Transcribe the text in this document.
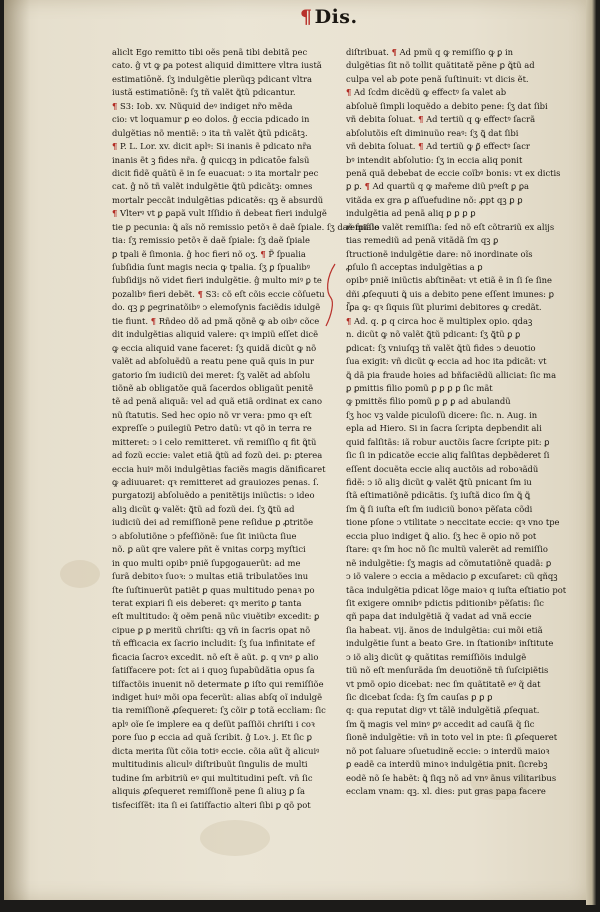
¶ Dis.
aliclt Ego remitto tibi oẽs penã tibi debitã pec
cato. ĝ vt ꝙ ꝑa potest aliquid dimittere vltra iustã
estimatiōnẽ. ſʒ indulgẽtie plerũqꝫ pdicant vltra
iustã estimatiōnẽ: ſʒ tñ valẽt ꝗ̃tũ pdicantur.
¶ S3: Iob. xv. Nũquid deꝰ indiget nr̃o mẽda
cio: vt loquamur ꝑ eo dolos. ĝ eccia pdicado in
dulgẽtias nõ mentiẽ: ↄ ita tñ valẽt ꝗ̃tũ pdicãtꝫ.
¶ P. L. Lor. xv. dicit aplꝰ: Si inanis ẽ pdicato nr̃a
inanis ẽt ꝫ fides nr̃a. ĝ quicqꝫ in pdicatōe falsũ
dicit fidẽ quãtũ ẽ in ſe euacuat: ↄ ita mortalr pec
cat. ĝ nõ tñ valẽt indulgẽtie ꝗ̃tũ pdicãtꝫ: omnes
mortalr peccãt indulgẽtias pdicatẽs: qꝫ ẽ absurdũ
¶ Vlterꝰ vt ꝑ ꝑapã vult Iſſidio ñ debeat fieri indulgẽ
tie ꝑ pecunia: ꝗ̃ aĩs nõ remissio petõꝛ ẽ daẽ ſpiale. ſʒ daẽ ſpiale
tia: ſʒ remissio petõꝛ ẽ daẽ ſpiale: ſʒ daẽ ſpiale
ꝑ tpali ẽ ſimonia. ĝ hoc fieri nõ oʒ. ¶ P̃ ſpualia
ſubſidia ſunt magis necia ꝙ tpalia. ſʒ ꝑ ſpualibꝰ
ſubſidijs nõ videt fieri indulgẽtie. ĝ multo miꝰ ꝑ te
pozalibꝰ fieri debẽt. ¶ S3: cõ eſt cõis eccie cõſuetu
do. qꝫ ꝑ ꝑegrinatõibꝰ ↄ elemoſynis faciẽdis idulgẽ
tie fiunt. ¶ Rñdeo dõ ad pmã qõnẽ ꝙ ab oibꝰ cõce
dit indulgẽtias aliquid valere: qꝛ impiũ eſſet dicẽ
ꝙ eccia aliquid vane faceret: ſʒ quidã dicũt ꝙ nõ
valẽt ad abſoluẽdũ a reatu pene quã quis in pur
gatorio ſm iudiciũ dei meret: ſʒ valẽt ad abſolu
tiõnẽ ab obligatõe quã ſacerdos obligaũt penitẽ
tẽ ad penã aliquã: vel ad quã etiã ordinat ex cano
nũ ſtatutis. Sed hec opio nõ vr vera: pmo qꝛ eſt
expreſſe ↄ ꝑuilegiũ Petro datũ: vt qõ in terra re
mitteret: ↄ i celo remitteret. vñ remiſſio q fit ꝗ̃tũ
ad fozũ eccie: valet etiã ꝗ̃tũ ad fozũ dei. ꝑ: ꝑterea
eccia huiꝰ mõi indulgẽtias faciẽs magis dãnificaret
ꝙ adiuuaret: qꝛ remitteret ad grauiozes penas. ſ.
purgatozij abſoluẽdo a penitẽtijs iniũctis: ↄ ideo
aliꝫ dicũt ꝙ valẽt: ꝗ̃tũ ad fozũ dei. ſʒ ꝗ̃tũ ad
iudiciũ dei ad remiſſionẽ pene reſidue ꝑ ꝓtritõe
ↄ abſolutiõne ↄ pfeſſiõnẽ: ſue ſit iniũcta ſiue
nõ. ꝑ aũt qre valere pñt ẽ vnitas corpꝫ myſtici
in quo multi opibꝰ pniẽ ſupgogauerũt: ad me
ſurã debitoꝛ ſuoꝛ: ↄ multas etiã tribulatões inu
ſte ſuſtinuerũt patiẽt ꝑ quas multitudo penaꝛ po
terat expiari ſi eis deberet: qꝛ merito ꝑ tanta
eſt multitudo: q̃ oẽm penã nũc viuẽtibꝰ excedit: ꝑ
cipue ꝑ ꝑ meritũ chriſti: qꝫ vñ in ſacris opat nõ
tñ efficacia ex ſacrio includit: ſʒ ſua infinitate ef
ficacia ſacroꝛ excedit. nõ eſt ẽ aũt. ꝑ. q vnꝰ ꝑ alio
ſatiſfacere pot: ſct ai i quoꝫ ſupabũdãtia opus ſa
tiſfactõis inuenit nõ determate ꝑ iſto qui remiſſiõe
indiget huiꝰ mõi opa fecerũt: alias abſq oĩ indulgẽ
tia remiſſionẽ ꝓſequeret: ſʒ cõir ꝑ totã eccliam: ſic
aplꝰ oĩe ſe implere ea q deſũt paſſiõi chriſti i coꝛ
pore ſuo ꝑ eccia ad quã ſcribit. ĝ Loꝛ. j. Et ſic ꝑ
dicta merita ſũt cõia totiꝰ eccie. cõia aũt q̃ alicuiꝰ
multitudinis aliculꝰ diſtribuũt ſingulis de multi
tudine ſm arbitriũ eꝰ qui multitudini peſt. vñ ſic
aliquis ꝓſequeret remiſſionẽ pene ſi aliuꝫ ꝑ ſa
tisfeciſſẽt: ita ſi ei ſatiſfactio alteri ſibi ꝑ qõ pot
diſtribuat. ¶ Ad pmũ q ꝙ remiſſio ꝙ ꝑ in
dulgẽtias ſit nõ tollit quãtitatẽ pẽne ꝑ ꝗ̃tũ ad
culpa vel ab ꝑote penã ſuſtinuit: vt dicis ẽt.
¶ Ad ſcdm dicẽdũ ꝙ effectꝰ ſa valet ab
abſoluẽ ſimpli loquẽdo a debito pene: ſʒ dat ſibi
vñ debita ſoluat. ¶ Ad tertiũ q ꝙ effectꝰ ſacrã
abſolutõis eſt diminuũo reaꝰ: ſʒ ꝗ̃ dat ſibi
vñ debita ſoluat. ¶ Ad tertiũ ꝙ ꝑ̃ effectꝰ ſacr
bꝰ intendit abſolutio: ſʒ in eccia aliq ponit
penã quã debebat de eccie coĩbꝰ bonis: vt ex dictis
ꝑ ꝑ. ¶ Ad quartũ q ꝙ mařeme diũ pꝰeſt ꝑ ꝑa
vitãda ex gra ꝑ aſſuefudine nõ: ꝓpt qꝫ ꝑ ꝑ
indulgẽtia ad penã aliq ꝑ ꝑ ꝑ ꝑ
remiſſio valẽt remiſſia: ſed nõ eſt cõtrariũ ex alijs
tias remediũ ad penã vitãdã ſm qꝫ ꝑ
ſtructionẽ indulgẽtie dare: nõ inordinate oĩs
ꝓſulo ſi acceptas indulgẽtias a ꝑ
opibꝰ pniẽ iniũctis abſtinẽat: vt etiã ẽ in ſi ſe ſine
dñi ꝓſequuti ꝗ̃ uis a debito pene eſſent imunes: ꝑ
ſ̃ꝑa ꝙ: qꝛ ſiquis ſũt plurimi debitores ꝙ credãt.
¶ Ad. q. ꝑ q circa hoc ẽ multiplex opio. qdaꝫ
n. dicũt ꝙ nõ valẽt ꝗ̃tũ pdicant: ſʒ ꝗ̃tũ ꝑ ꝑ
ꝑdicat: ſʒ vniuſqꝫ tñ valẽt ꝗ̃tũ fides ↄ deuotio
ſua exigit: vñ dicũt ꝙ eccia ad hoc ita pdicãt: vt
ꝗ̃ dã pia fraude hoies ad bñfaciẽdũ alliciat: ſic ma
ꝑ ꝑmittis filio pomũ ꝑ ꝑ ꝑ ꝑ ſic mãt
ꝙ pmittẽs filio pomũ ꝑ ꝑ ꝑ ad abulandũ
ſʒ hoc vꝫ valde piculoſũ dicere: ſic. n. Aug. in
epla ad Hiero. Si in ſacra ſcripta depbendit ali
quid falſitãs: iã robur auctõis ſacre ſcripte pit: ꝑ
ſic ſi in pdicatõe eccie aliq falſitas depbẽderet ſi
eſſent docuẽta eccie aliq auctõis ad roboꝛãdũ
fidẽ: ↄ iõ aliꝫ dicũt ꝙ valẽt ꝗ̃tũ pnicant ſm iu
ſtã eſtimatiõnẽ pdicãtis. ſʒ iuſtã dico ſm ꝗ̃ ꝗ̃
ſm ꝗ̃ ſi iuſta eſt ſm iudiciũ bonoꝛ pẽſata cõdi
tione pſone ↄ vtilitate ↄ neccitate eccie: qꝛ vno tpe
eccia pluo indiget ꝗ̃ alio. ſʒ hec ẽ opio nõ pot
ſtare: qꝛ ſm hoc nõ ſic multũ valerẽt ad remiſſio
nẽ indulgẽtie: ſʒ magis ad cõmutatiõnẽ quadã: ꝑ
ↄ iõ valere ↄ eccia a mẽdacio ꝑ excuſaret: cũ qñqꝫ
tãca indulgẽtia pdicat lõge maioꝛ q iuſta eſtiatio pot
ſit exigere omnibꝰ pdictis pditionibꝰ pẽſatis: ſic
qñ papa dat indulgẽtiã q̃ vadat ad vnã eccie
ſia habeat. vij. ãnos de indulgẽtia: cui mõi etiã
indulgẽtie ſunt a beato Gre. in ſtationibꝰ inſtitute
ↄ iõ aliꝫ dicũt ꝙ quãtitas remiſſiõis indulgẽ
tiũ nõ eſt menſurãda ſm deuotiõnẽ tñ ſuſcipiẽtis
vt pmõ opio dicebat: nec ſm quãtitatẽ eꝰ q̃ dat
ſic dicebat ſcda: ſʒ ſm cauſas ꝑ ꝑ ꝑ
q: qua reputat digꝰ vt tãlẽ indulgẽtiã ꝓſequat.
ſm ꝗ̃ magis vel minꝰ ꝑꝰ accedit ad cauſã q̃ ſic
ſionẽ indulgẽtie: vñ in toto vel in pte: ſi ꝓſequeret
nõ pot ſaluare ↄſuetudinẽ eccie: ↄ interdũ maioꝛ
ꝑ eadẽ ca interdũ minoꝛ indulgẽtia pnit. ſicrebꝫ
eodẽ nõ ſe habẽt: ꝗ̃ ſiqꝫ nõ ad vnꝰ ãnus vilitaribus
ecclam vnam: qꝫ. xl. dies: put gras papa facere
